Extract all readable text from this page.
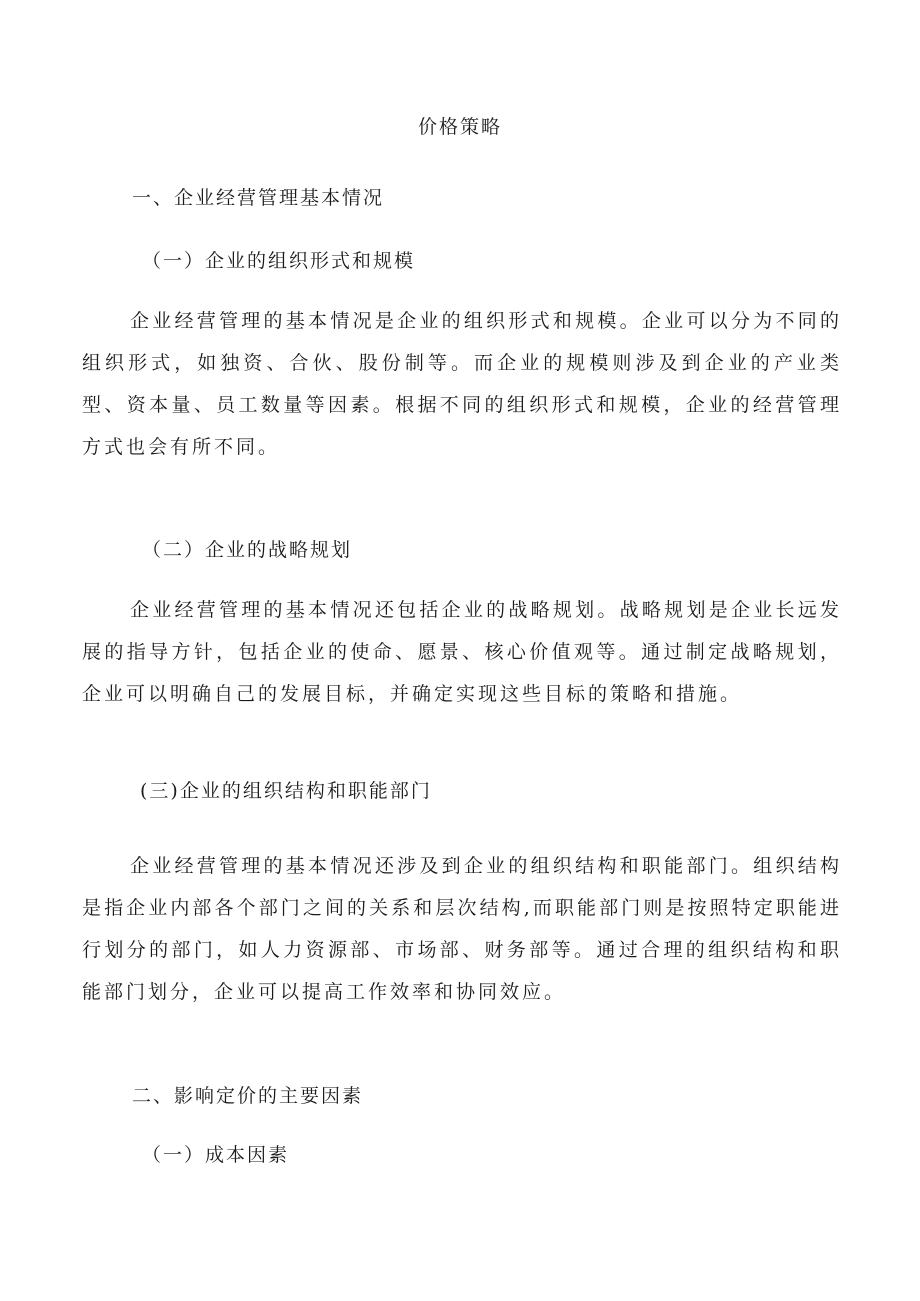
价格策略
一、企业经营管理基本情况
（一）企业的组织形式和规模
企业经营管理的基本情况是企业的组织形式和规模。企业可以分为不同的组织形式，如独资、合伙、股份制等。而企业的规模则涉及到企业的产业类型、资本量、员工数量等因素。根据不同的组织形式和规模，企业的经营管理方式也会有所不同。
（二）企业的战略规划
企业经营管理的基本情况还包括企业的战略规划。战略规划是企业长远发展的指导方针，包括企业的使命、愿景、核心价值观等。通过制定战略规划，企业可以明确自己的发展目标，并确定实现这些目标的策略和措施。
(三)企业的组织结构和职能部门
企业经营管理的基本情况还涉及到企业的组织结构和职能部门。组织结构是指企业内部各个部门之间的关系和层次结构,而职能部门则是按照特定职能进行划分的部门，如人力资源部、市场部、财务部等。通过合理的组织结构和职能部门划分，企业可以提高工作效率和协同效应。
二、影响定价的主要因素
（一）成本因素
